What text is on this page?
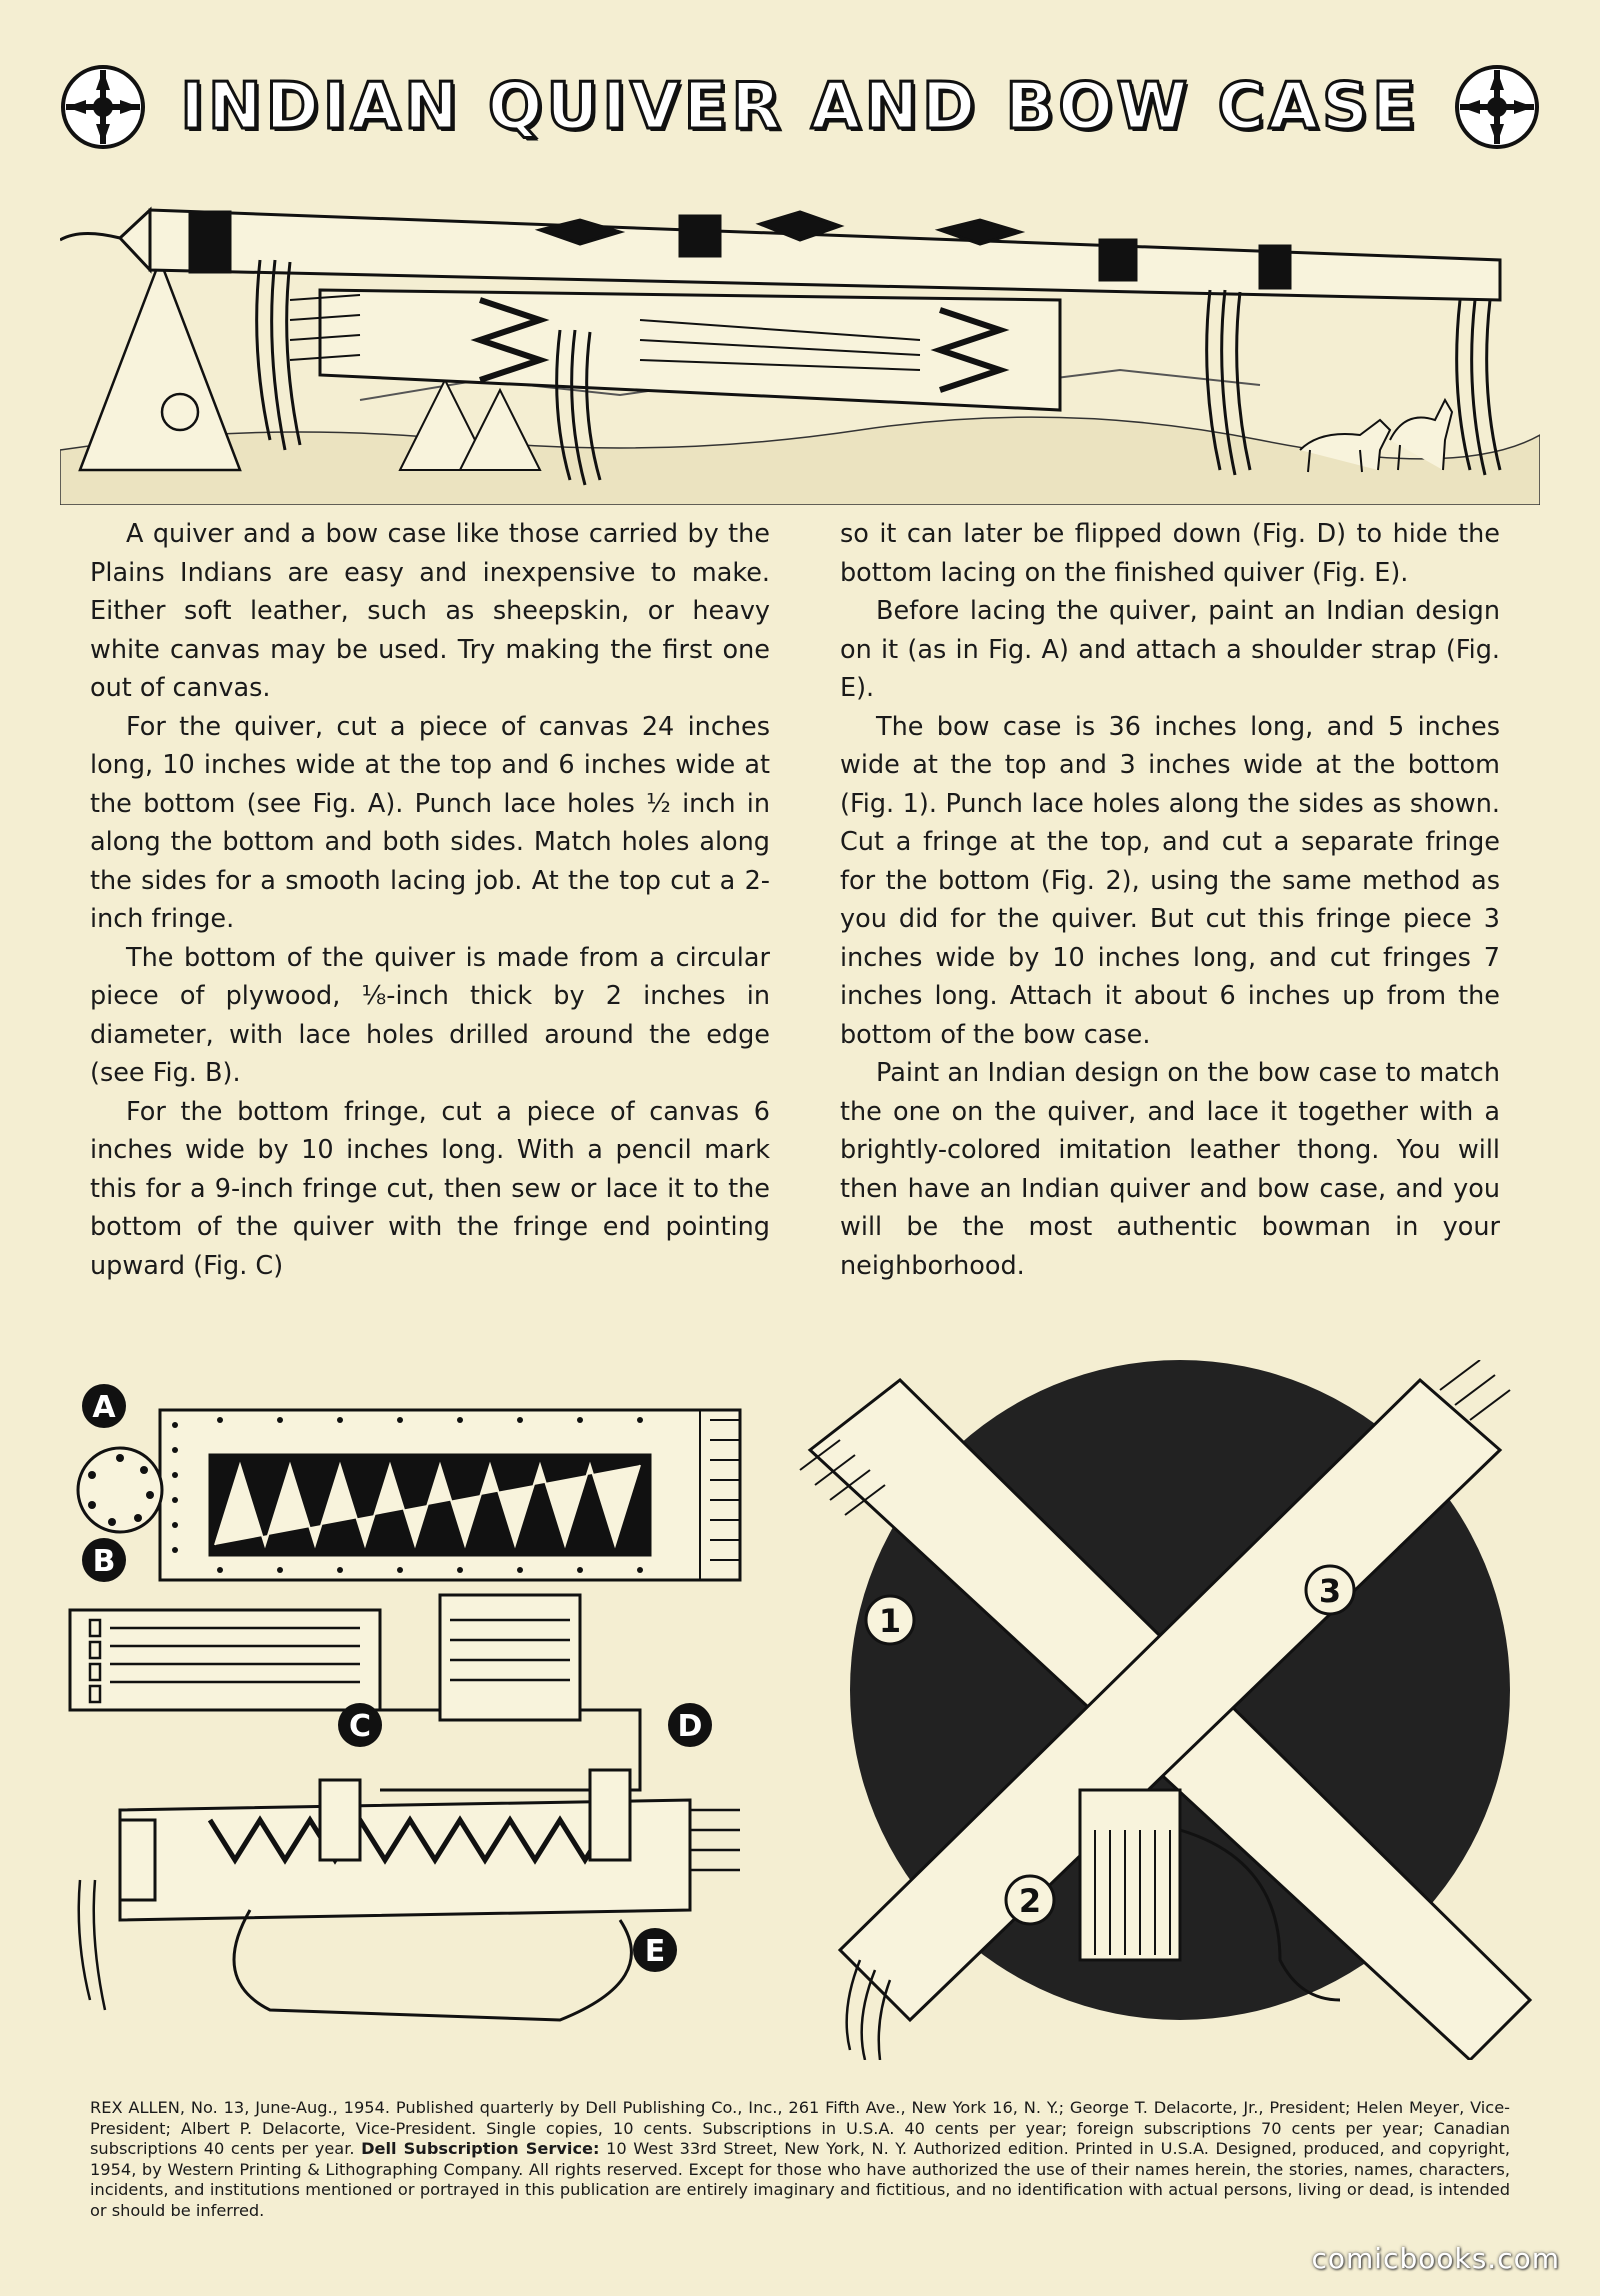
INDIAN QUIVER AND BOW CASE

A quiver and a bow case like those carried by the Plains Indians are easy and inexpensive to make. Either soft leather, such as sheepskin, or heavy white canvas may be used. Try making the first one out of canvas.

For the quiver, cut a piece of canvas 24 inches long, 10 inches wide at the top and 6 inches wide at the bottom (see Fig. A). Punch lace holes ½ inch in along the bottom and both sides. Match holes along the sides for a smooth lacing job. At the top cut a 2-inch fringe.

The bottom of the quiver is made from a circular piece of plywood, ⅛-inch thick by 2 inches in diameter, with lace holes drilled around the edge (see Fig. B).

For the bottom fringe, cut a piece of canvas 6 inches wide by 10 inches long. With a pencil mark this for a 9-inch fringe cut, then sew or lace it to the bottom of the quiver with the fringe end pointing upward (Fig. C)

so it can later be flipped down (Fig. D) to hide the bottom lacing on the finished quiver (Fig. E).

Before lacing the quiver, paint an Indian design on it (as in Fig. A) and attach a shoulder strap (Fig. E).

The bow case is 36 inches long, and 5 inches wide at the top and 3 inches wide at the bottom (Fig. 1). Punch lace holes along the sides as shown. Cut a fringe at the top, and cut a separate fringe for the bottom (Fig. 2), using the same method as you did for the quiver. But cut this fringe piece 3 inches wide by 10 inches long, and cut fringes 7 inches long. Attach it about 6 inches up from the bottom of the bow case.

Paint an Indian design on the bow case to match the one on the quiver, and lace it together with a brightly-colored imitation leather thong. You will then have an Indian quiver and bow case, and you will be the most authentic bowman in your neighborhood.

A
B
C	D
E
1
2
3
REX ALLEN, No. 13, June-Aug., 1954. Published quarterly by Dell Publishing Co., Inc., 261 Fifth Ave., New York 16, N. Y.; George T. Delacorte, Jr., President; Helen Meyer, Vice-President; Albert P. Delacorte, Vice-President. Single copies, 10 cents. Subscriptions in U.S.A. 40 cents per year; foreign subscriptions 70 cents per year; Canadian subscriptions 40 cents per year. Dell Subscription Service: 10 West 33rd Street, New York, N. Y. Authorized edition. Printed in U.S.A. Designed, produced, and copyright, 1954, by Western Printing & Lithographing Company. All rights reserved. Except for those who have authorized the use of their names herein, the stories, names, characters, incidents, and institutions mentioned or portrayed in this publication are entirely imaginary and fictitious, and no identification with actual persons, living or dead, is intended or should be inferred.
comicbooks.com
